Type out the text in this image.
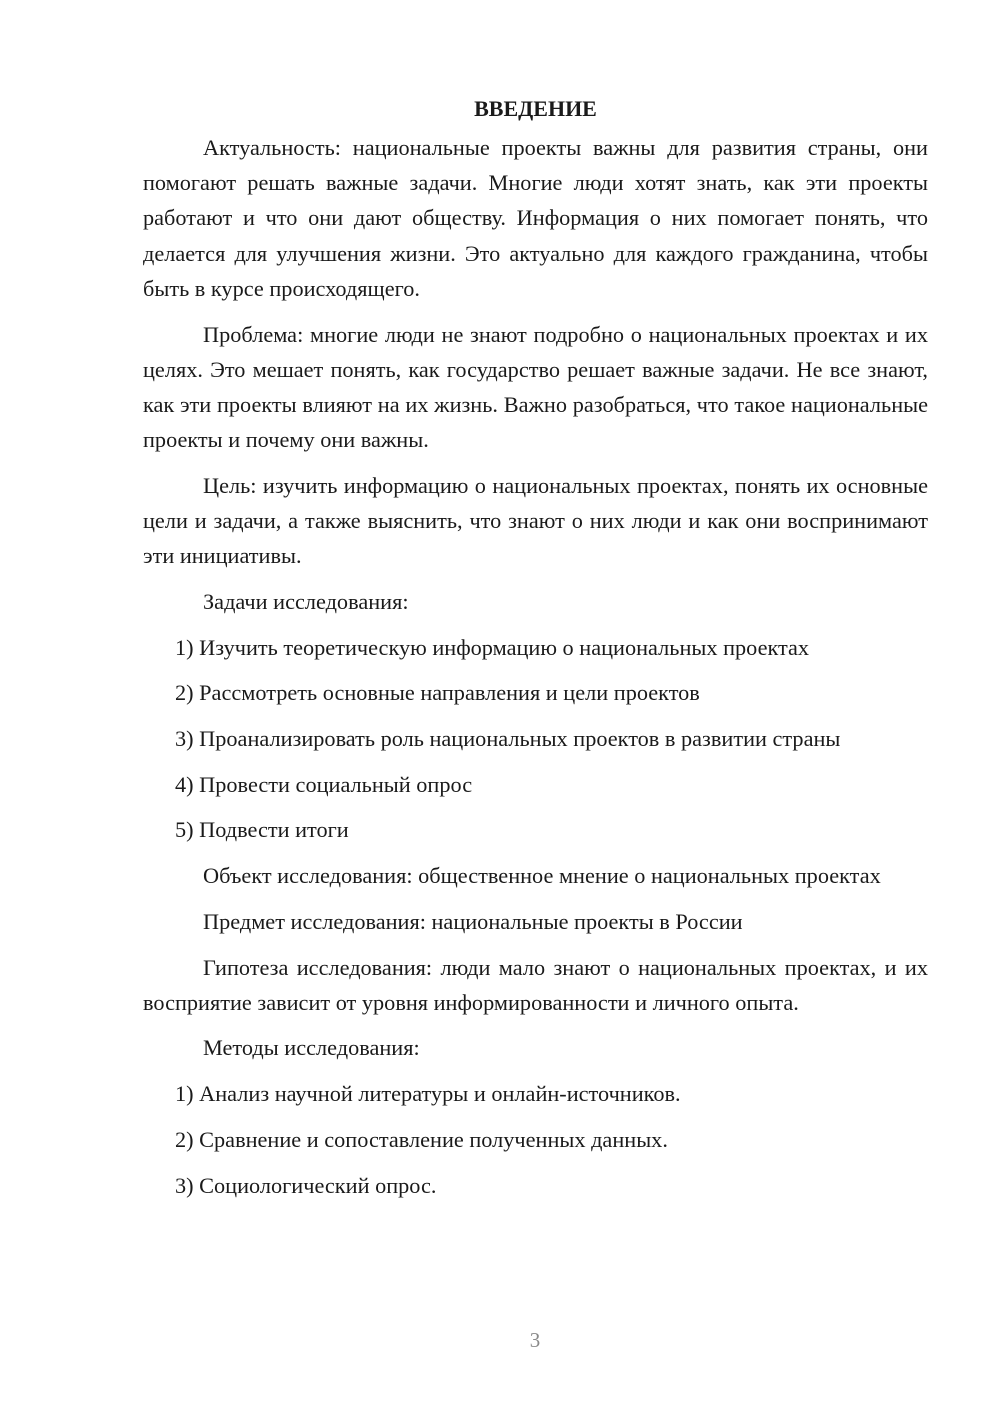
ВВЕДЕНИЕ

Актуальность: национальные проекты важны для развития страны, они помогают решать важные задачи. Многие люди хотят знать, как эти проекты работают и что они дают обществу. Информация о них помогает понять, что делается для улучшения жизни. Это актуально для каждого гражданина, чтобы быть в курсе происходящего.

Проблема: многие люди не знают подробно о национальных проектах и их целях. Это мешает понять, как государство решает важные задачи. Не все знают, как эти проекты влияют на их жизнь. Важно разобраться, что такое национальные проекты и почему они важны.

Цель: изучить информацию о национальных проектах, понять их основные цели и задачи, а также выяснить, что знают о них люди и как они воспринимают эти инициативы.

Задачи исследования:

1) Изучить теоретическую информацию о национальных проектах

2) Рассмотреть основные направления и цели проектов

3) Проанализировать роль национальных проектов в развитии страны

4) Провести социальный опрос

5) Подвести итоги

Объект исследования: общественное мнение о национальных проектах

Предмет исследования: национальные проекты в России

Гипотеза исследования: люди мало знают о национальных проектах, и их восприятие зависит от уровня информированности и личного опыта.

Методы исследования:

1) Анализ научной литературы и онлайн-источников.

2) Сравнение и сопоставление полученных данных.

3) Социологический опрос.

3
